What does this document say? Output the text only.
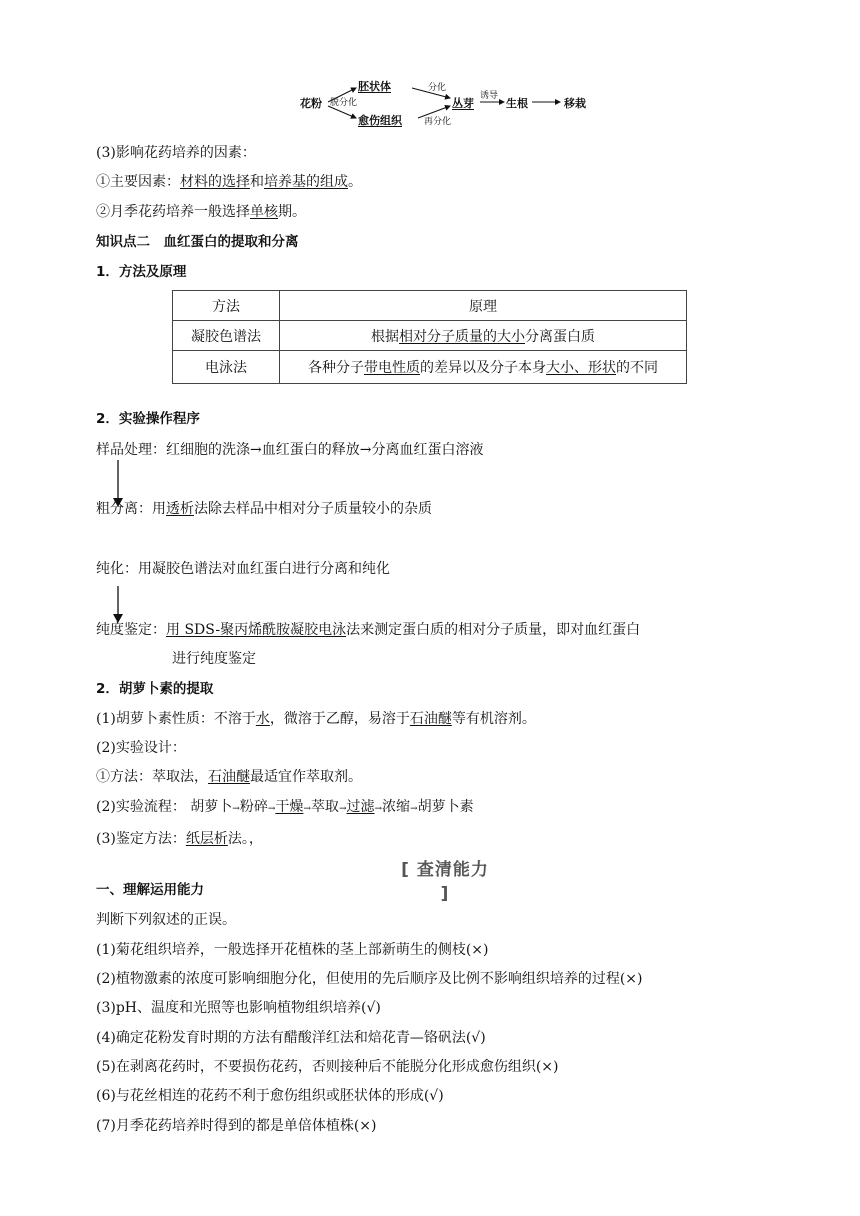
花粉 脱分化
胚状体
愈伤组织
分化
再分化
丛芽
诱导
生根	移栽
(3)影响花药培养的因素：
①主要因素：材料的选择和培养基的组成。
②月季花药培养一般选择单核期。
知识点二　血红蛋白的提取和分离
1．方法及原理
方法	原理
凝胶色谱法	根据相对分子质量的大小分离蛋白质
电泳法	各种分子带电性质的差异以及分子本身大小、形状的不同
2．实验操作程序
样品处理：红细胞的洗涤→血红蛋白的释放→分离血红蛋白溶液
粗分离：用透析法除去样品中相对分子质量较小的杂质
纯化：用凝胶色谱法对血红蛋白进行分离和纯化
纯度鉴定：用 SDS-聚丙烯酰胺凝胶电泳法来测定蛋白质的相对分子质量，即对血红蛋白
进行纯度鉴定
2．胡萝卜素的提取
(1)胡萝卜素性质：不溶于水，微溶于乙醇，易溶于石油醚等有机溶剂。
(2)实验设计：
①方法：萃取法，石油醚最适宜作萃取剂。
(2)实验流程： 胡萝卜→粉碎→干燥→萃取→过滤→浓缩→胡萝卜素
(3)鉴定方法：纸层析法。，
[ 查清能力 ]
一、理解运用能力
判断下列叙述的正误。
(1)菊花组织培养，一般选择开花植株的茎上部新萌生的侧枝(×)
(2)植物激素的浓度可影响细胞分化，但使用的先后顺序及比例不影响组织培养的过程(×)
(3)pH、温度和光照等也影响植物组织培养(√)
(4)确定花粉发育时期的方法有醋酸洋红法和焙花青—铬矾法(√)
(5)在剥离花药时，不要损伤花药，否则接种后不能脱分化形成愈伤组织(×)
(6)与花丝相连的花药不利于愈伤组织或胚状体的形成(√)
(7)月季花药培养时得到的都是单倍体植株(×)
